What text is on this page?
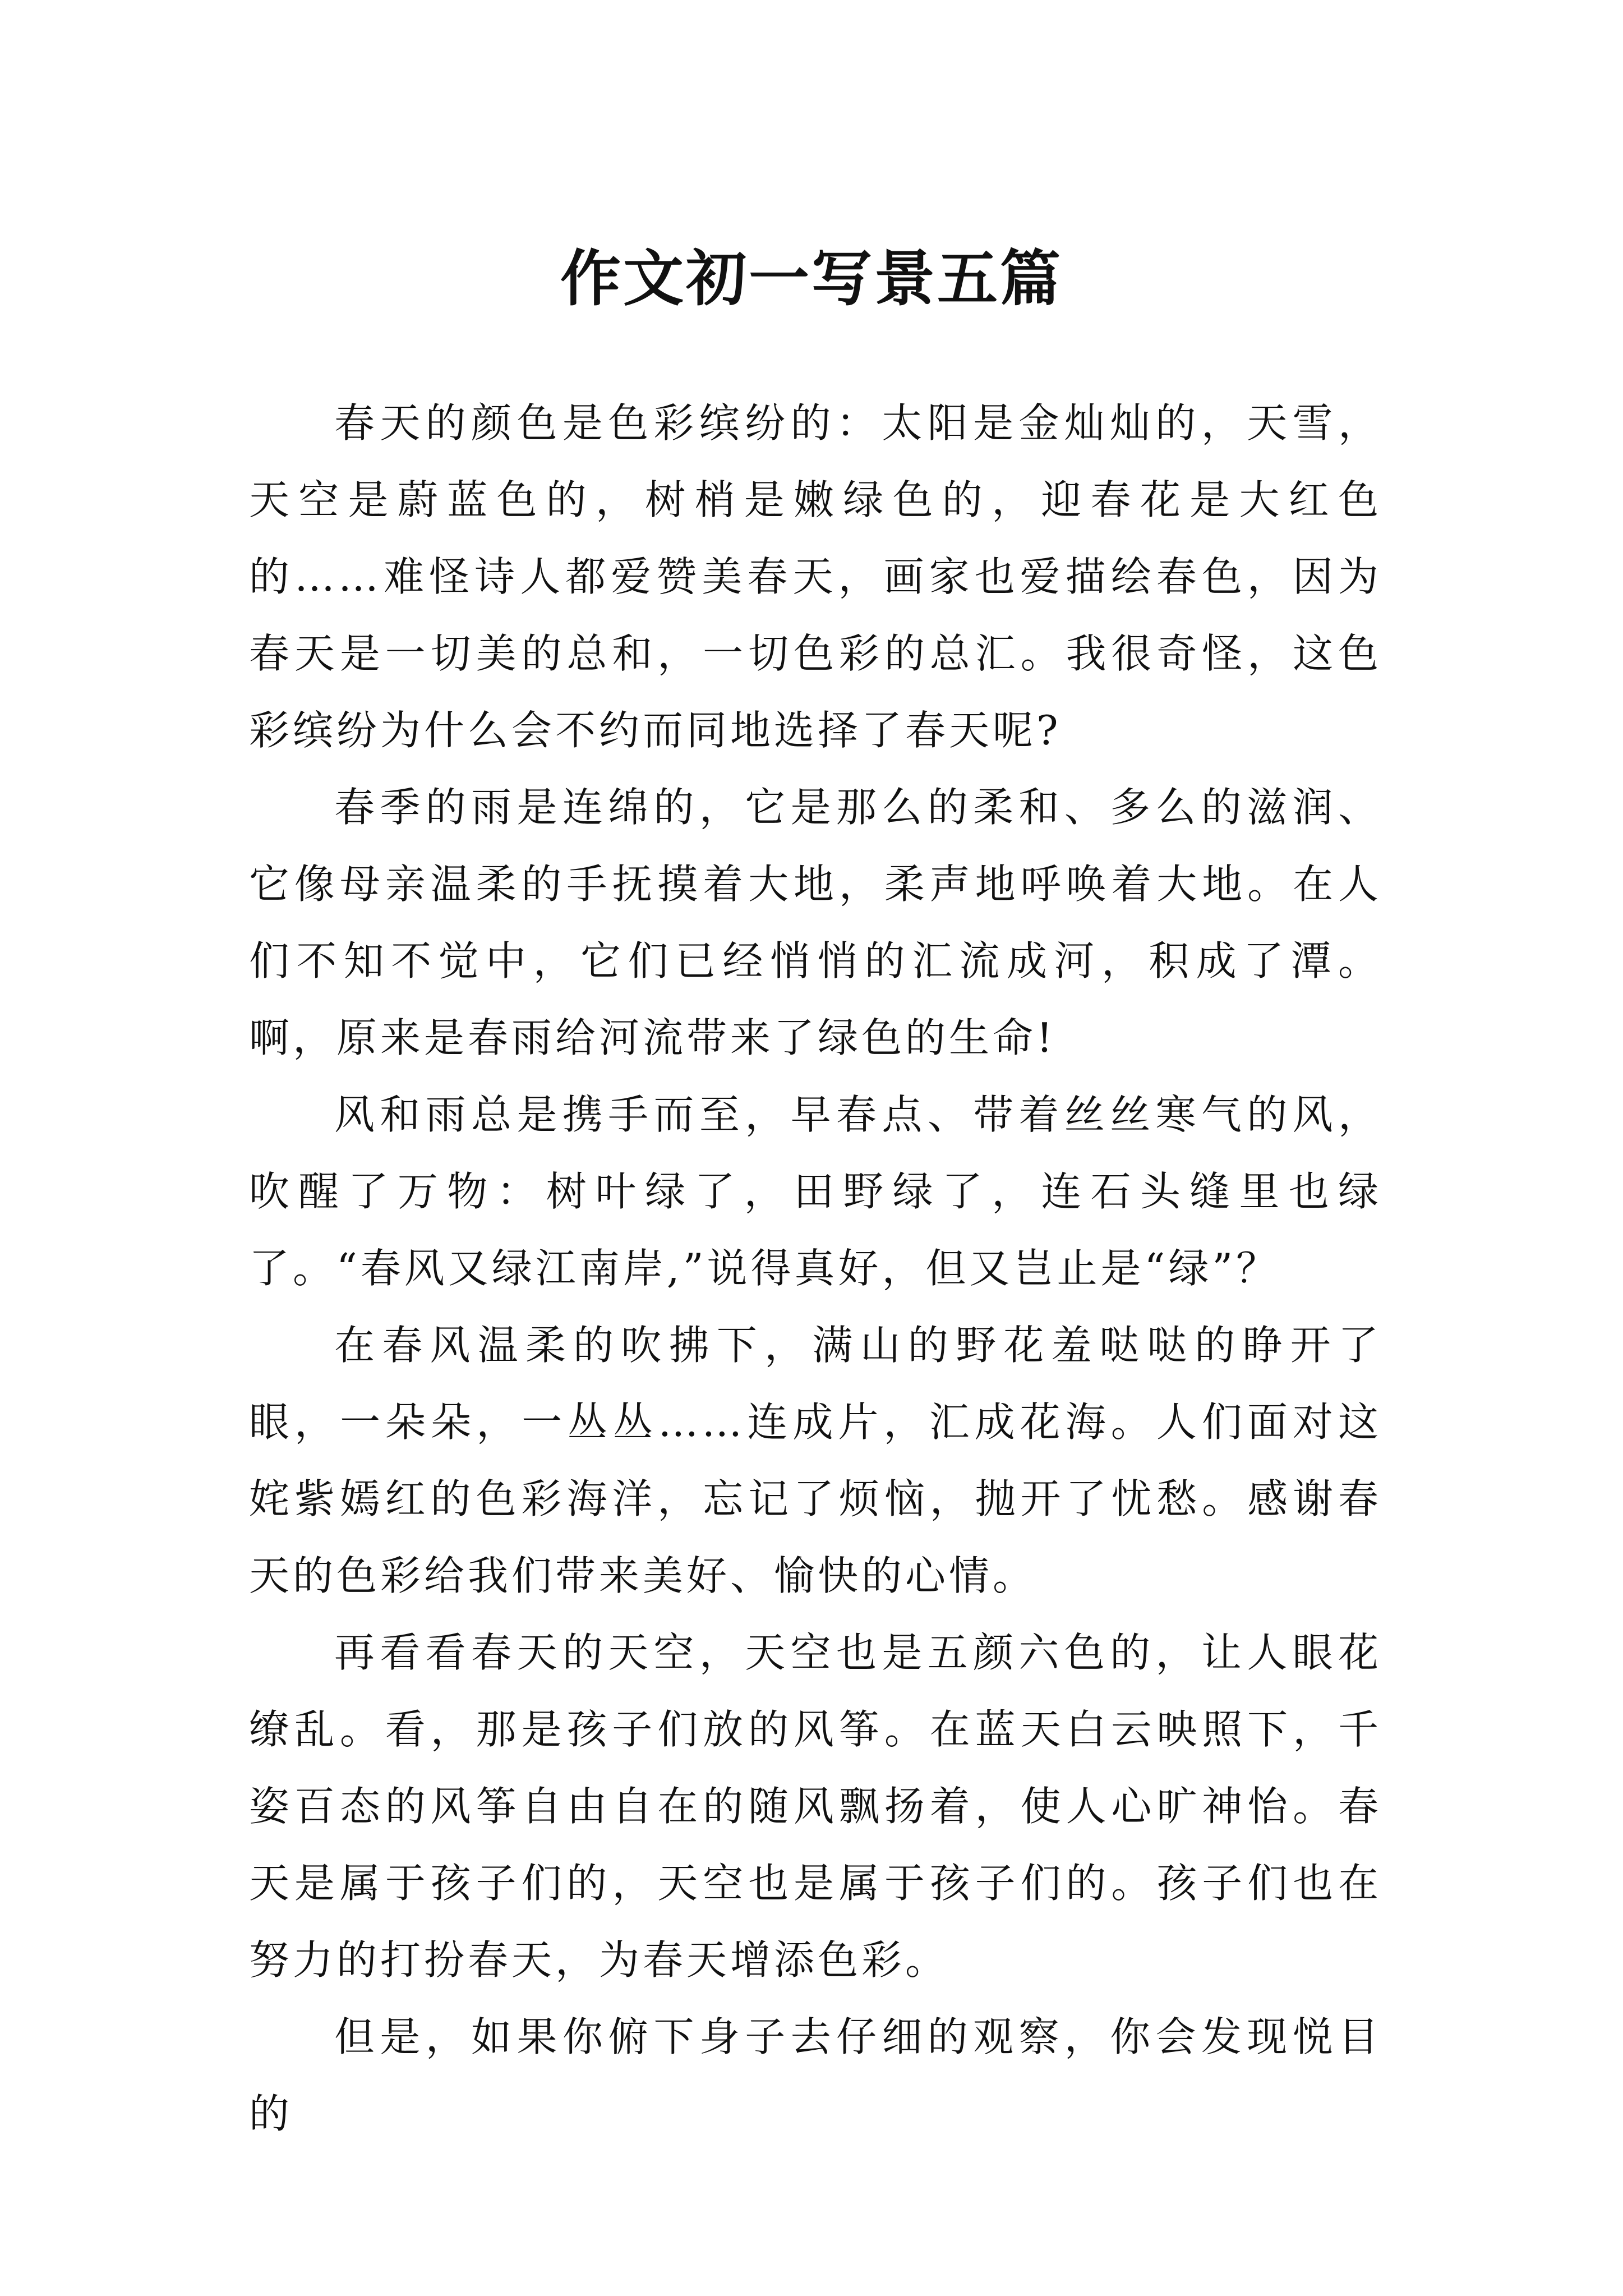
作文初一写景五篇

春天的颜色是色彩缤纷的：太阳是金灿灿的，天雪，天空是蔚蓝色的，树梢是嫩绿色的，迎春花是大红色的……难怪诗人都爱赞美春天，画家也爱描绘春色，因为春天是一切美的总和，一切色彩的总汇。我很奇怪，这色彩缤纷为什么会不约而同地选择了春天呢?

春季的雨是连绵的，它是那么的柔和、多么的滋润、它像母亲温柔的手抚摸着大地，柔声地呼唤着大地。在人们不知不觉中，它们已经悄悄的汇流成河，积成了潭。啊，原来是春雨给河流带来了绿色的生命!

风和雨总是携手而至，早春点、带着丝丝寒气的风，吹醒了万物：树叶绿了，田野绿了，连石头缝里也绿了。“春风又绿江南岸,”说得真好，但又岂止是“绿”？

在春风温柔的吹拂下，满山的野花羞哒哒的睁开了眼，一朵朵，一丛丛……连成片，汇成花海。人们面对这姹紫嫣红的色彩海洋，忘记了烦恼，抛开了忧愁。感谢春天的色彩给我们带来美好、愉快的心情。

再看看春天的天空，天空也是五颜六色的，让人眼花缭乱。看，那是孩子们放的风筝。在蓝天白云映照下，千姿百态的风筝自由自在的随风飘扬着，使人心旷神怡。春天是属于孩子们的，天空也是属于孩子们的。孩子们也在努力的打扮春天，为春天增添色彩。

但是，如果你俯下身子去仔细的观察，你会发现悦目的
